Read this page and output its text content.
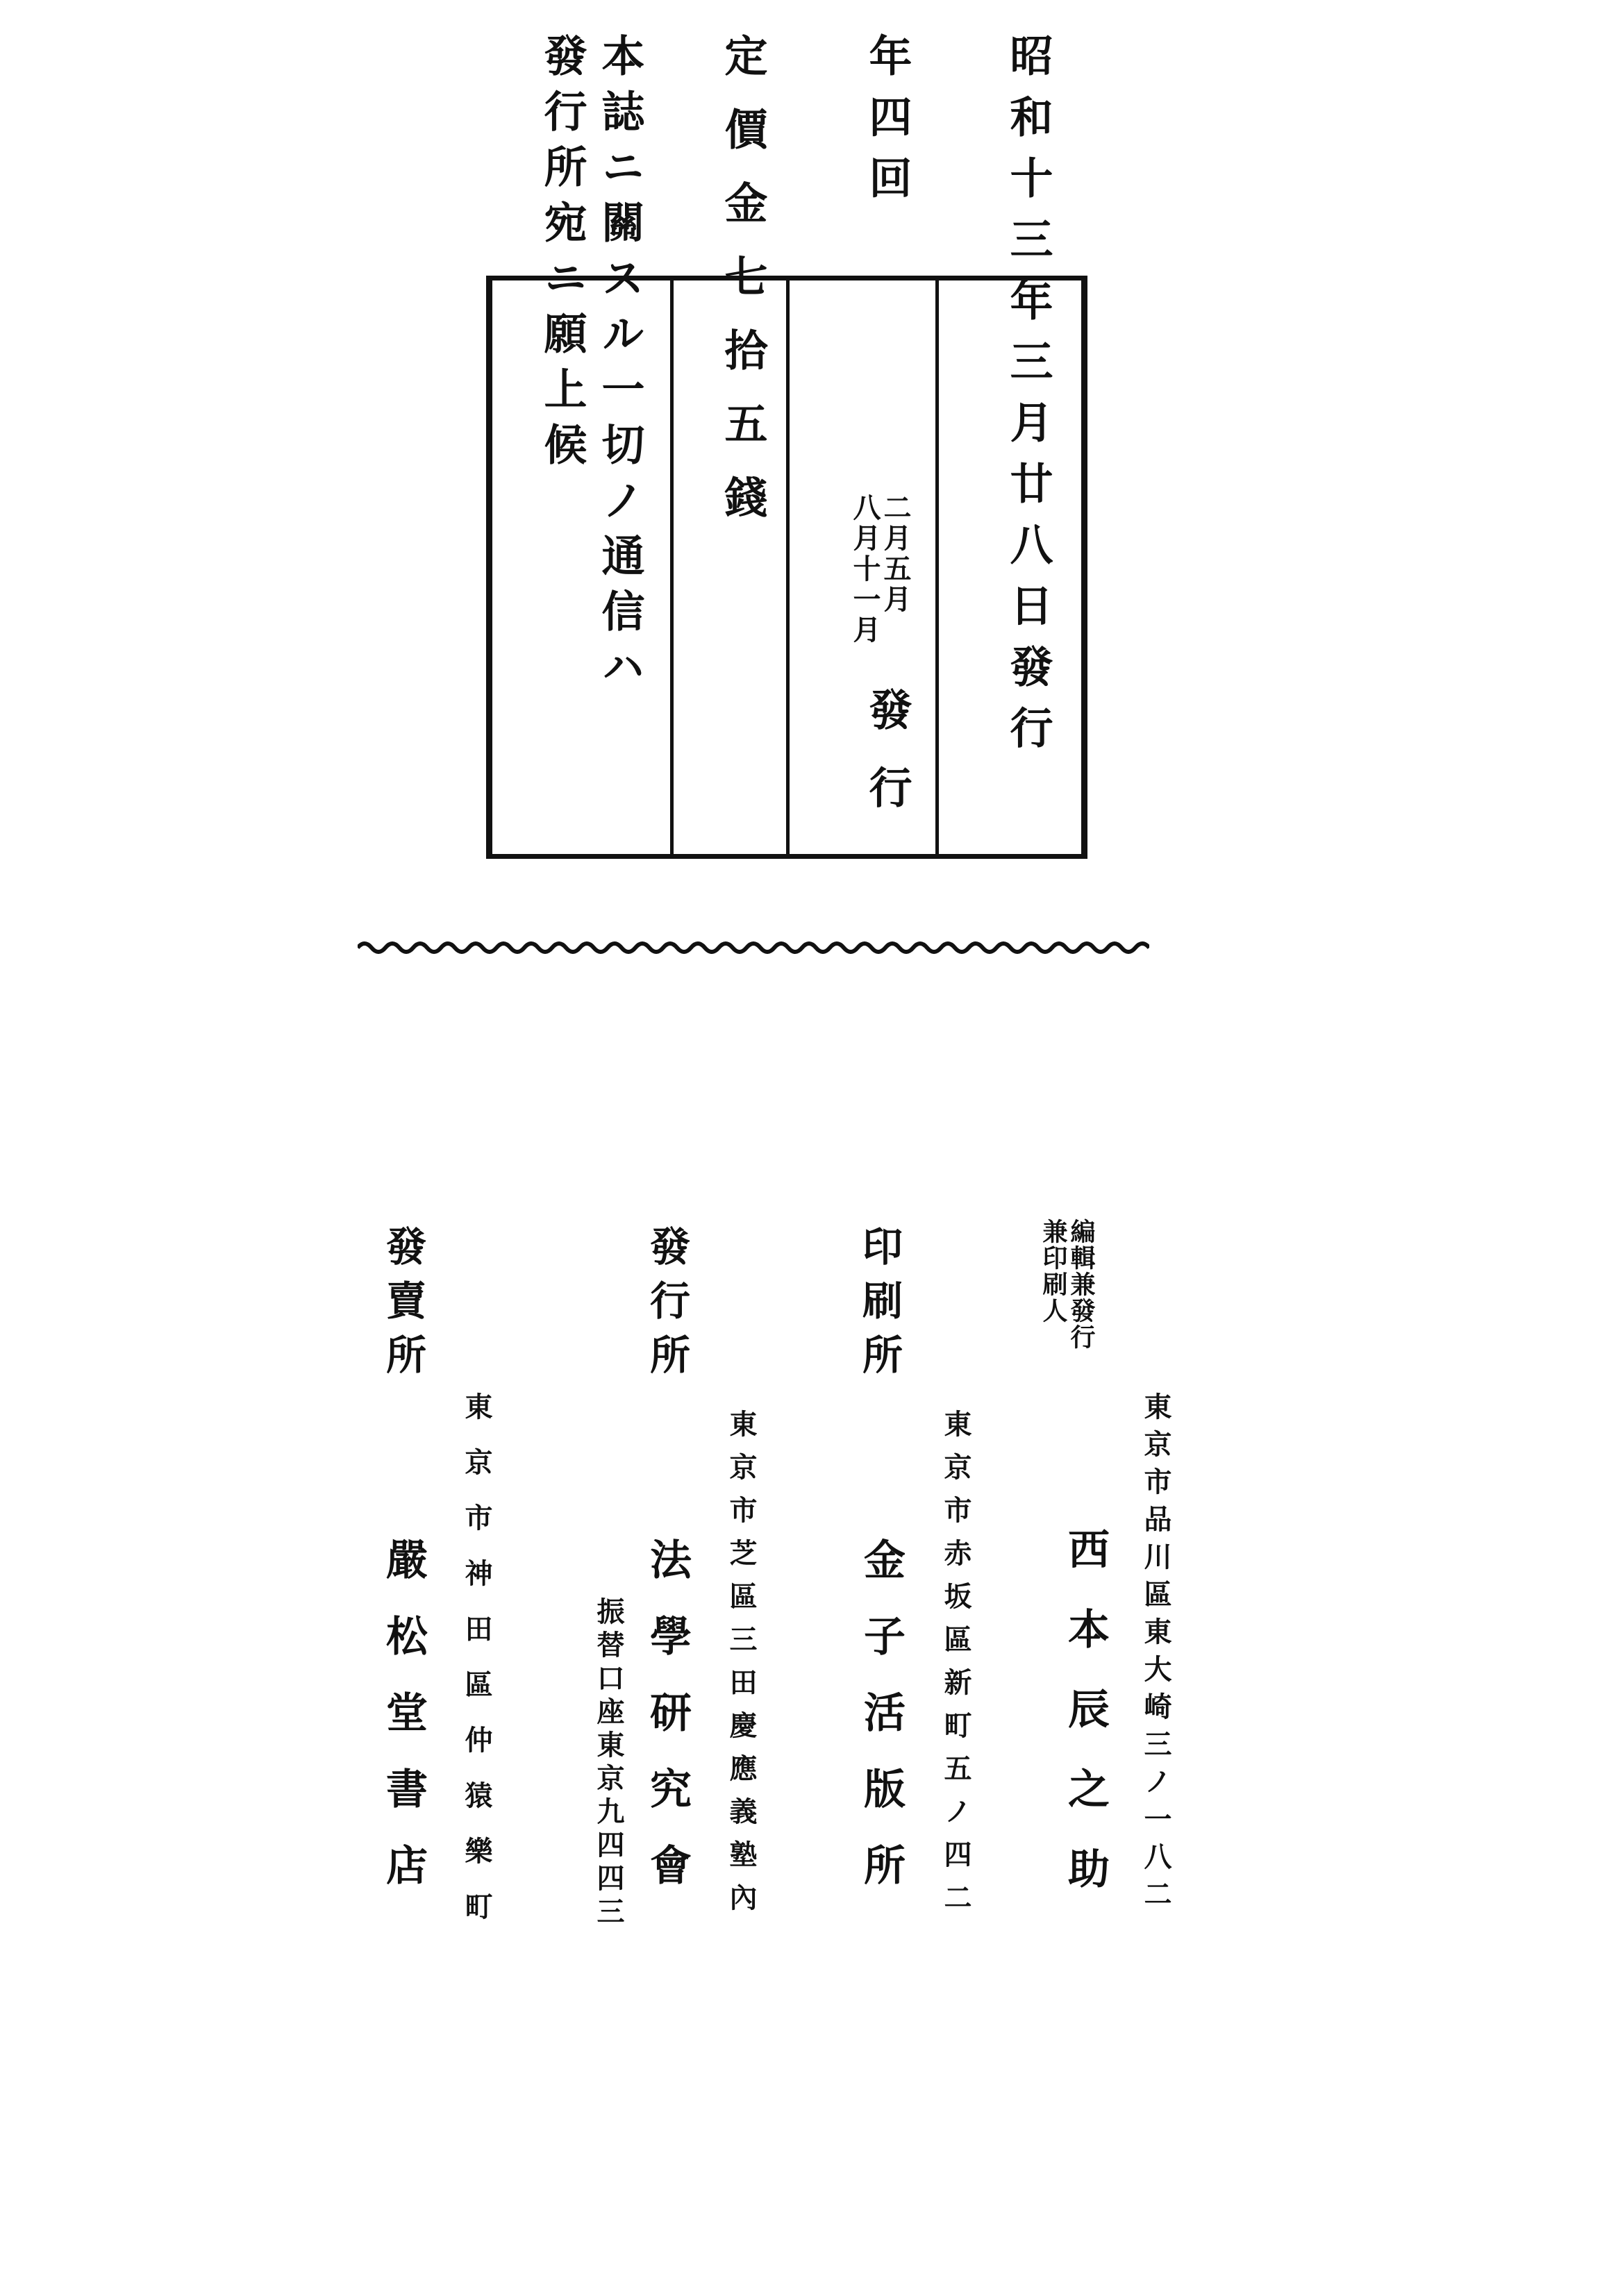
昭和十三年三月廿八日發行

年四回

二月五月

八月十一月

發行

定價金七拾五錢

本誌ニ關スル一切ノ通信ハ

發行所宛ニ願上候

編輯兼發行

兼印刷人

東京市品川區東大崎三ノ一八二

西本辰之助

印刷所

東京市赤坂區新町五ノ四二

金子活版所

發行所

東京市芝區三田慶應義塾內

法學研究會

振替口座東京九四四三

發賣所

東京市神田區仲猿樂町

嚴松堂書店
